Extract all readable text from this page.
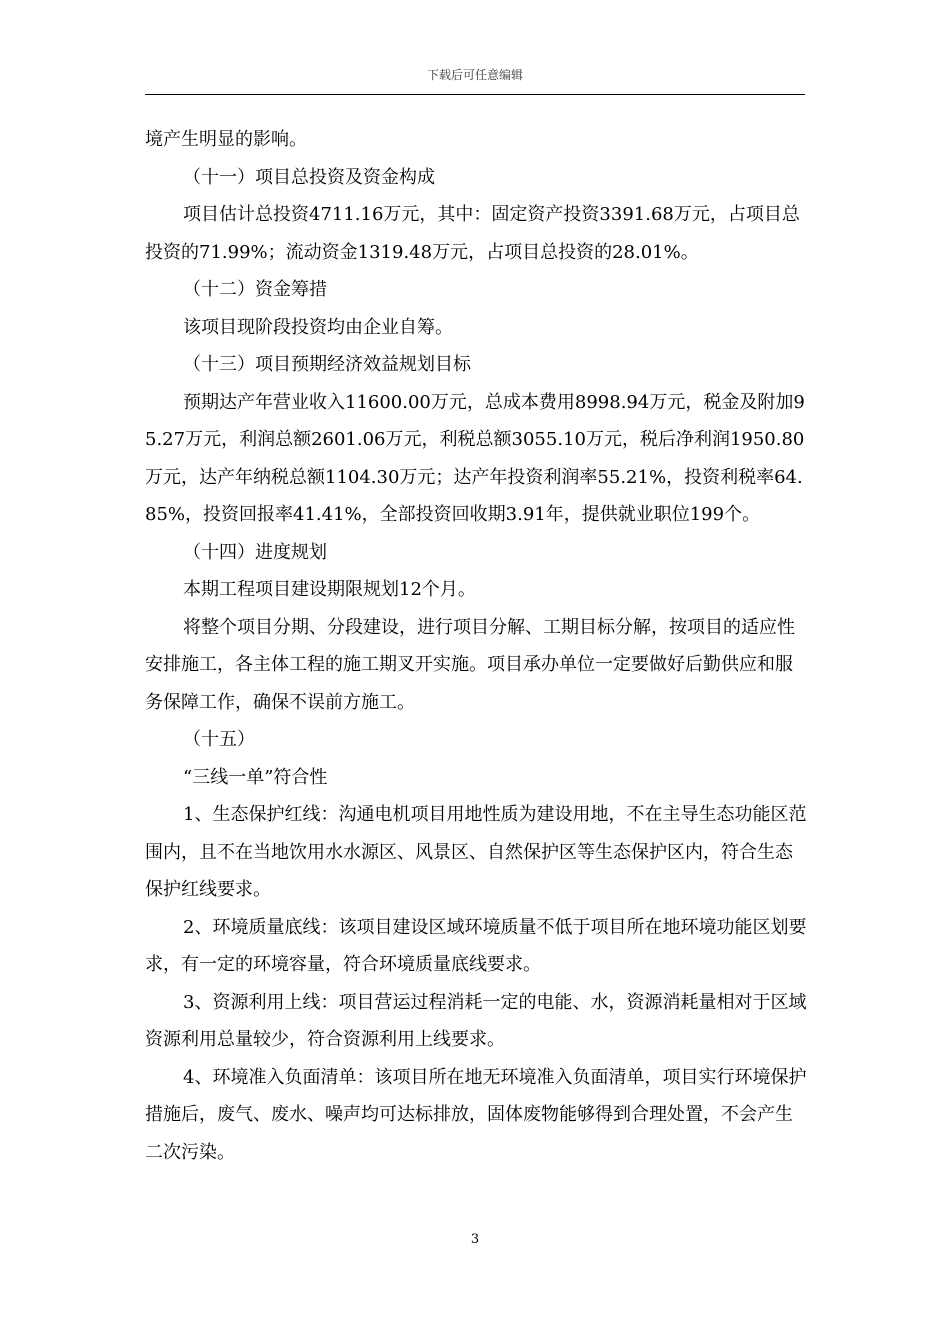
下载后可任意编辑

境产生明显的影响。

（十一）项目总投资及资金构成

项目估计总投资4711.16万元，其中：固定资产投资3391.68万元，占项目总投资的71.99%；流动资金1319.48万元，占项目总投资的28.01%。

（十二）资金筹措

该项目现阶段投资均由企业自筹。

（十三）项目预期经济效益规划目标

预期达产年营业收入11600.00万元，总成本费用8998.94万元，税金及附加95.27万元，利润总额2601.06万元，利税总额3055.10万元，税后净利润1950.80万元，达产年纳税总额1104.30万元；达产年投资利润率55.21%，投资利税率64.85%，投资回报率41.41%，全部投资回收期3.91年，提供就业职位199个。

（十四）进度规划

本期工程项目建设期限规划12个月。

将整个项目分期、分段建设，进行项目分解、工期目标分解，按项目的适应性安排施工，各主体工程的施工期叉开实施。项目承办单位一定要做好后勤供应和服务保障工作，确保不误前方施工。

（十五）

“三线一单”符合性

1、生态保护红线：沟通电机项目用地性质为建设用地，不在主导生态功能区范围内，且不在当地饮用水水源区、风景区、自然保护区等生态保护区内，符合生态保护红线要求。

2、环境质量底线：该项目建设区域环境质量不低于项目所在地环境功能区划要求，有一定的环境容量，符合环境质量底线要求。

3、资源利用上线：项目营运过程消耗一定的电能、水，资源消耗量相对于区域资源利用总量较少，符合资源利用上线要求。

4、环境准入负面清单：该项目所在地无环境准入负面清单，项目实行环境保护措施后，废气、废水、噪声均可达标排放，固体废物能够得到合理处置，不会产生二次污染。

3
